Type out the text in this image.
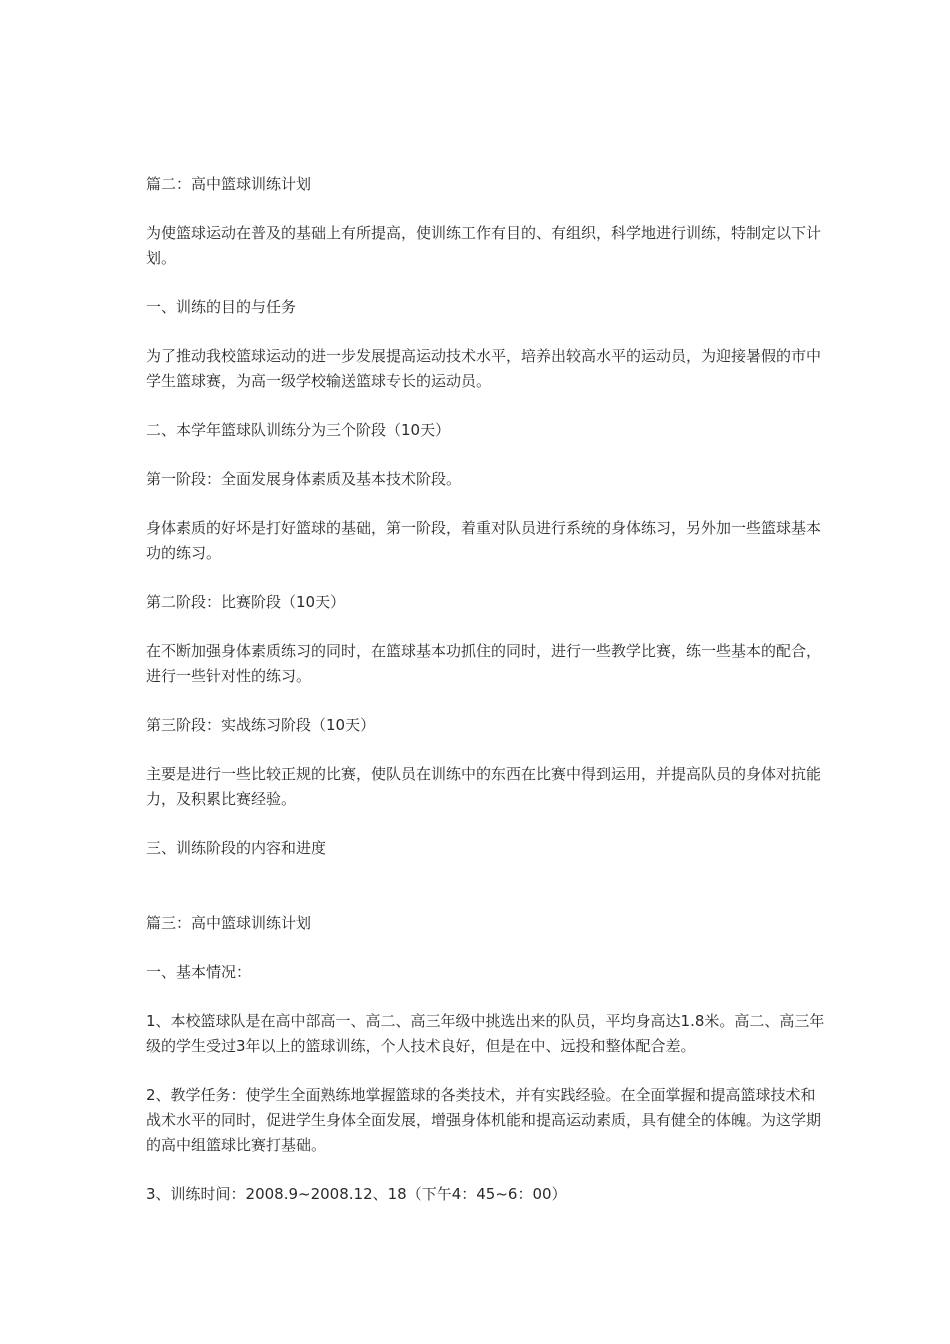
篇二：高中篮球训练计划

为使篮球运动在普及的基础上有所提高，使训练工作有目的、有组织，科学地进行训练，特制定以下计划。

一、训练的目的与任务

为了推动我校篮球运动的进一步发展提高运动技术水平，培养出较高水平的运动员，为迎接暑假的市中学生篮球赛，为高一级学校输送篮球专长的运动员。

二、本学年篮球队训练分为三个阶段（10天）

第一阶段：全面发展身体素质及基本技术阶段。

身体素质的好坏是打好篮球的基础，第一阶段，着重对队员进行系统的身体练习，另外加一些篮球基本功的练习。

第二阶段：比赛阶段（10天）

在不断加强身体素质练习的同时，在篮球基本功抓住的同时，进行一些教学比赛，练一些基本的配合，进行一些针对性的练习。

第三阶段：实战练习阶段（10天）

主要是进行一些比较正规的比赛，使队员在训练中的东西在比赛中得到运用，并提高队员的身体对抗能力，及积累比赛经验。

三、训练阶段的内容和进度

篇三：高中篮球训练计划

一、基本情况：

1、本校篮球队是在高中部高一、高二、高三年级中挑选出来的队员，平均身高达1.8米。高二、高三年级的学生受过3年以上的篮球训练，个人技术良好，但是在中、远投和整体配合差。

2、教学任务：使学生全面熟练地掌握篮球的各类技术，并有实践经验。在全面掌握和提高篮球技术和战术水平的同时，促进学生身体全面发展，增强身体机能和提高运动素质，具有健全的体魄。为这学期的高中组篮球比赛打基础。

3、训练时间：2008.9~2008.12、18（下午4：45~6：00）
